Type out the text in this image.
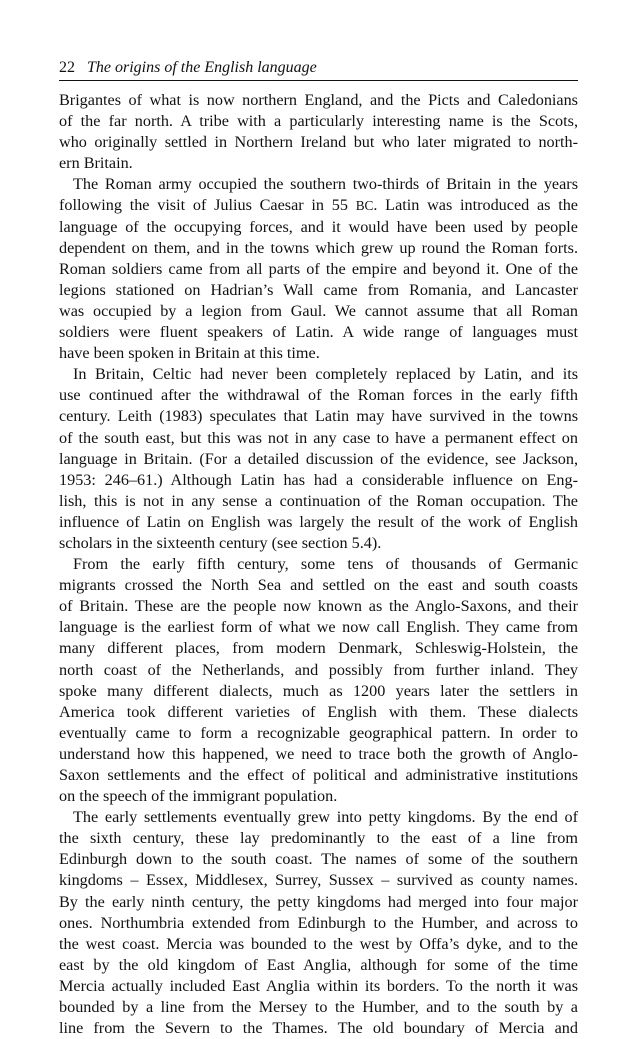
22 The origins of the English language
Brigantes of what is now northern England, and the Picts and Caledonians
of the far north. A tribe with a particularly interesting name is the Scots,
who originally settled in Northern Ireland but who later migrated to north-
ern Britain.
The Roman army occupied the southern two-thirds of Britain in the years
following the visit of Julius Caesar in 55 BC. Latin was introduced as the
language of the occupying forces, and it would have been used by people
dependent on them, and in the towns which grew up round the Roman forts.
Roman soldiers came from all parts of the empire and beyond it. One of the
legions stationed on Hadrian’s Wall came from Romania, and Lancaster
was occupied by a legion from Gaul. We cannot assume that all Roman
soldiers were fluent speakers of Latin. A wide range of languages must
have been spoken in Britain at this time.
In Britain, Celtic had never been completely replaced by Latin, and its
use continued after the withdrawal of the Roman forces in the early fifth
century. Leith (1983) speculates that Latin may have survived in the towns
of the south east, but this was not in any case to have a permanent effect on
language in Britain. (For a detailed discussion of the evidence, see Jackson,
1953: 246–61.) Although Latin has had a considerable influence on Eng-
lish, this is not in any sense a continuation of the Roman occupation. The
influence of Latin on English was largely the result of the work of English
scholars in the sixteenth century (see section 5.4).
From the early fifth century, some tens of thousands of Germanic
migrants crossed the North Sea and settled on the east and south coasts
of Britain. These are the people now known as the Anglo-Saxons, and their
language is the earliest form of what we now call English. They came from
many different places, from modern Denmark, Schleswig-Holstein, the
north coast of the Netherlands, and possibly from further inland. They
spoke many different dialects, much as 1200 years later the settlers in
America took different varieties of English with them. These dialects
eventually came to form a recognizable geographical pattern. In order to
understand how this happened, we need to trace both the growth of Anglo-
Saxon settlements and the effect of political and administrative institutions
on the speech of the immigrant population.
The early settlements eventually grew into petty kingdoms. By the end of
the sixth century, these lay predominantly to the east of a line from
Edinburgh down to the south coast. The names of some of the southern
kingdoms – Essex, Middlesex, Surrey, Sussex – survived as county names.
By the early ninth century, the petty kingdoms had merged into four major
ones. Northumbria extended from Edinburgh to the Humber, and across to
the west coast. Mercia was bounded to the west by Offa’s dyke, and to the
east by the old kingdom of East Anglia, although for some of the time
Mercia actually included East Anglia within its borders. To the north it was
bounded by a line from the Mersey to the Humber, and to the south by a
line from the Severn to the Thames. The old boundary of Mercia and
